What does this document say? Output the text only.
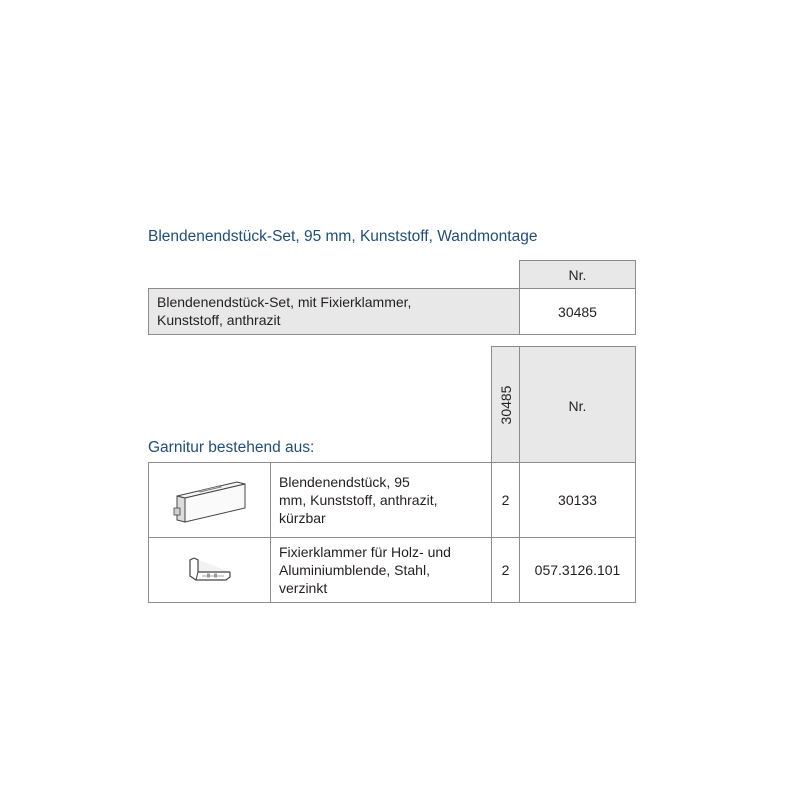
Blendenendstück-Set, 95 mm, Kunststoff, Wandmontage
Nr.
Blendenendstück-Set, mit Fixierklammer,
Kunststoff, anthrazit
30485
Garnitur bestehend aus:
30485	Nr.
Blendenendstück, 95
mm, Kunststoff, anthrazit,
kürzbar
2	30133
Fixierklammer für Holz- und
Aluminiumblende, Stahl,
verzinkt
2 057.3126.101
